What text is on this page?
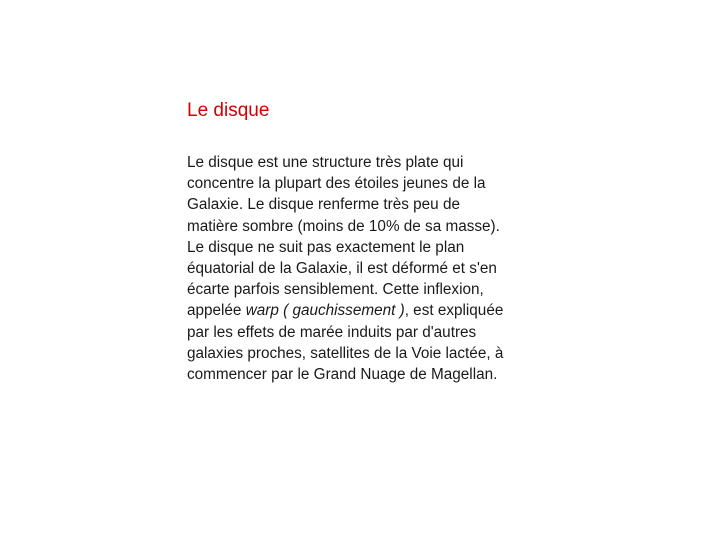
Le disque
Le disque est une structure très plate qui
concentre la plupart des étoiles jeunes de la
Galaxie. Le disque renferme très peu de
matière sombre (moins de 10% de sa masse).
Le disque ne suit pas exactement le plan
équatorial de la Galaxie, il est déformé et s'en
écarte parfois sensiblement. Cette inflexion,
appelée warp ( gauchissement ), est expliquée
par les effets de marée induits par d'autres
galaxies proches, satellites de la Voie lactée, à
commencer par le Grand Nuage de Magellan.
